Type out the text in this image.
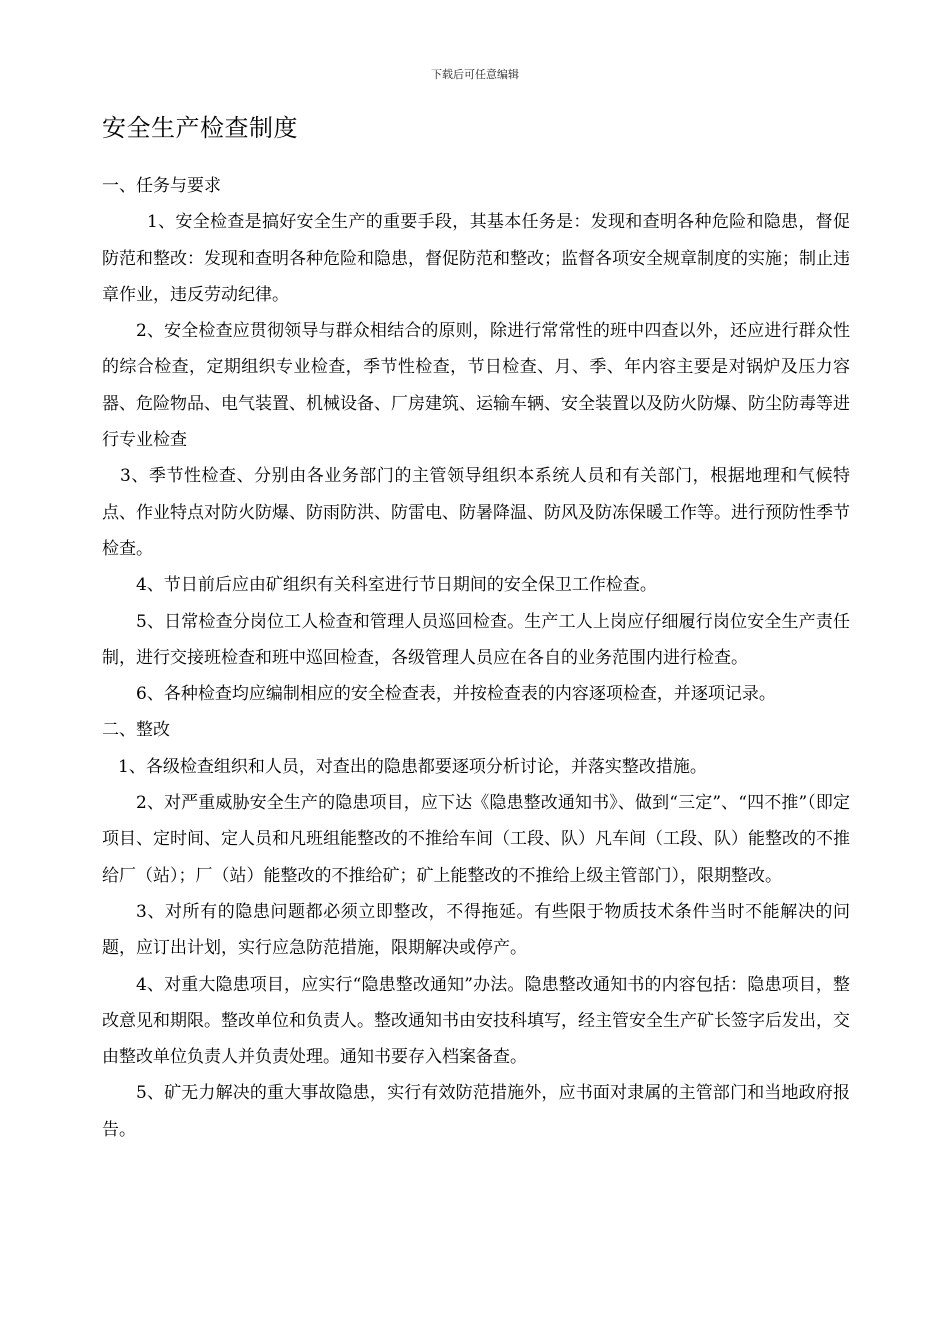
下载后可任意编辑
安全生产检查制度
一、任务与要求

1、安全检查是搞好安全生产的重要手段，其基本任务是：发现和查明各种危险和隐患，督促防范和整改：发现和查明各种危险和隐患，督促防范和整改；监督各项安全规章制度的实施；制止违章作业，违反劳动纪律。

2、安全检查应贯彻领导与群众相结合的原则，除进行常常性的班中四查以外，还应进行群众性的综合检查，定期组织专业检查，季节性检查，节日检查、月、季、年内容主要是对锅炉及压力容器、危险物品、电气装置、机械设备、厂房建筑、运输车辆、安全装置以及防火防爆、防尘防毒等进行专业检查

3、季节性检查、分别由各业务部门的主管领导组织本系统人员和有关部门，根据地理和气候特点、作业特点对防火防爆、防雨防洪、防雷电、防暑降温、防风及防冻保暖工作等。进行预防性季节检查。

4、节日前后应由矿组织有关科室进行节日期间的安全保卫工作检查。

5、日常检查分岗位工人检查和管理人员巡回检查。生产工人上岗应仔细履行岗位安全生产责任制，进行交接班检查和班中巡回检查，各级管理人员应在各自的业务范围内进行检查。

6、各种检查均应编制相应的安全检查表，并按检查表的内容逐项检查，并逐项记录。

二、整改

1、各级检查组织和人员，对查出的隐患都要逐项分析讨论，并落实整改措施。

2、对严重威胁安全生产的隐患项目，应下达《隐患整改通知书》、做到“三定”、“四不推”（即定项目、定时间、定人员和凡班组能整改的不推给车间（工段、队）凡车间（工段、队）能整改的不推给厂（站）；厂（站）能整改的不推给矿；矿上能整改的不推给上级主管部门），限期整改。

3、对所有的隐患问题都必须立即整改，不得拖延。有些限于物质技术条件当时不能解决的问题，应订出计划，实行应急防范措施，限期解决或停产。

4、对重大隐患项目，应实行“隐患整改通知”办法。隐患整改通知书的内容包括：隐患项目，整改意见和期限。整改单位和负责人。整改通知书由安技科填写，经主管安全生产矿长签字后发出，交由整改单位负责人并负责处理。通知书要存入档案备查。

5、矿无力解决的重大事故隐患，实行有效防范措施外，应书面对隶属的主管部门和当地政府报告。
